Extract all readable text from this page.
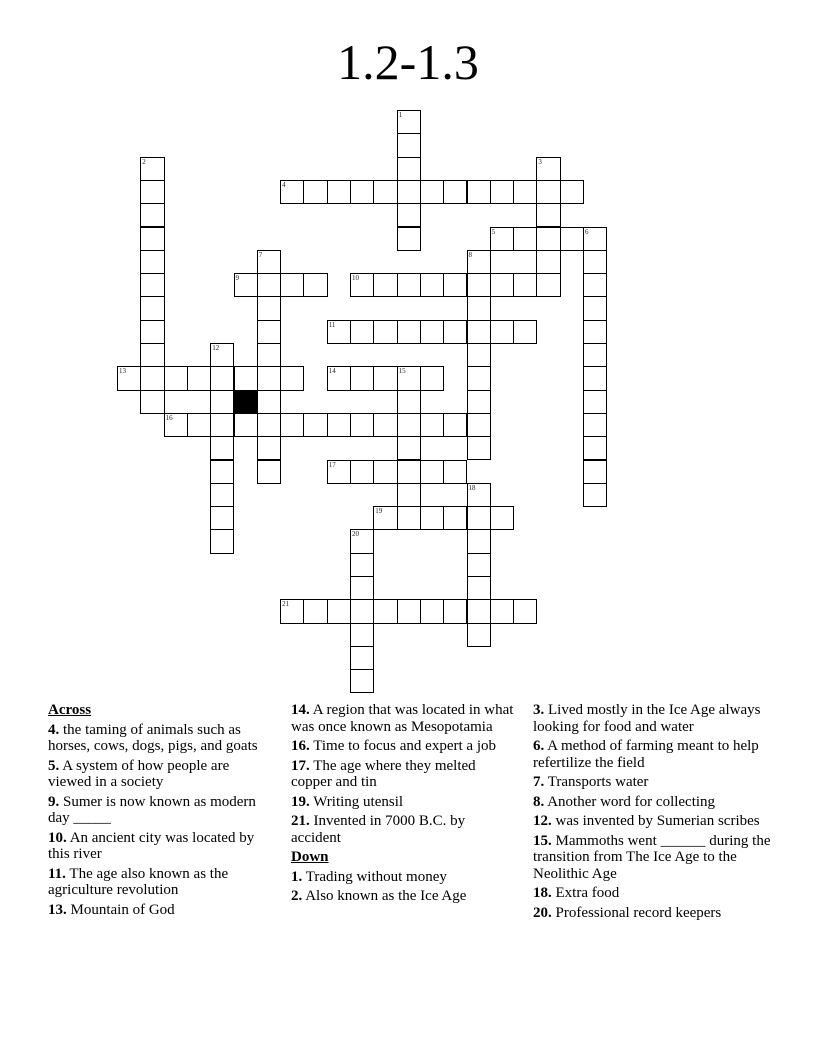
1.2-1.3
1
2	3
4
5	6
7	8
9	10
11
12
13	14	15
16
17
18
19
20
21
Across
4. the taming of animals such as horses, cows, dogs, pigs, and goats
5. A system of how people are viewed in a society
9. Sumer is now known as modern day _____
10. An ancient city was located by this river
11. The age also known as the agriculture revolution
13. Mountain of God
14. A region that was located in what was once known as Mesopotamia
16. Time to focus and expert a job
17. The age where they melted copper and tin
19. Writing utensil
21. Invented in 7000 B.C. by accident
Down
1. Trading without money
2. Also known as the Ice Age
3. Lived mostly in the Ice Age always looking for food and water
6. A method of farming meant to help refertilize the field
7. Transports water
8. Another word for collecting
12. was invented by Sumerian scribes
15. Mammoths went ______ during the transition from The Ice Age to the Neolithic Age
18. Extra food
20. Professional record keepers
